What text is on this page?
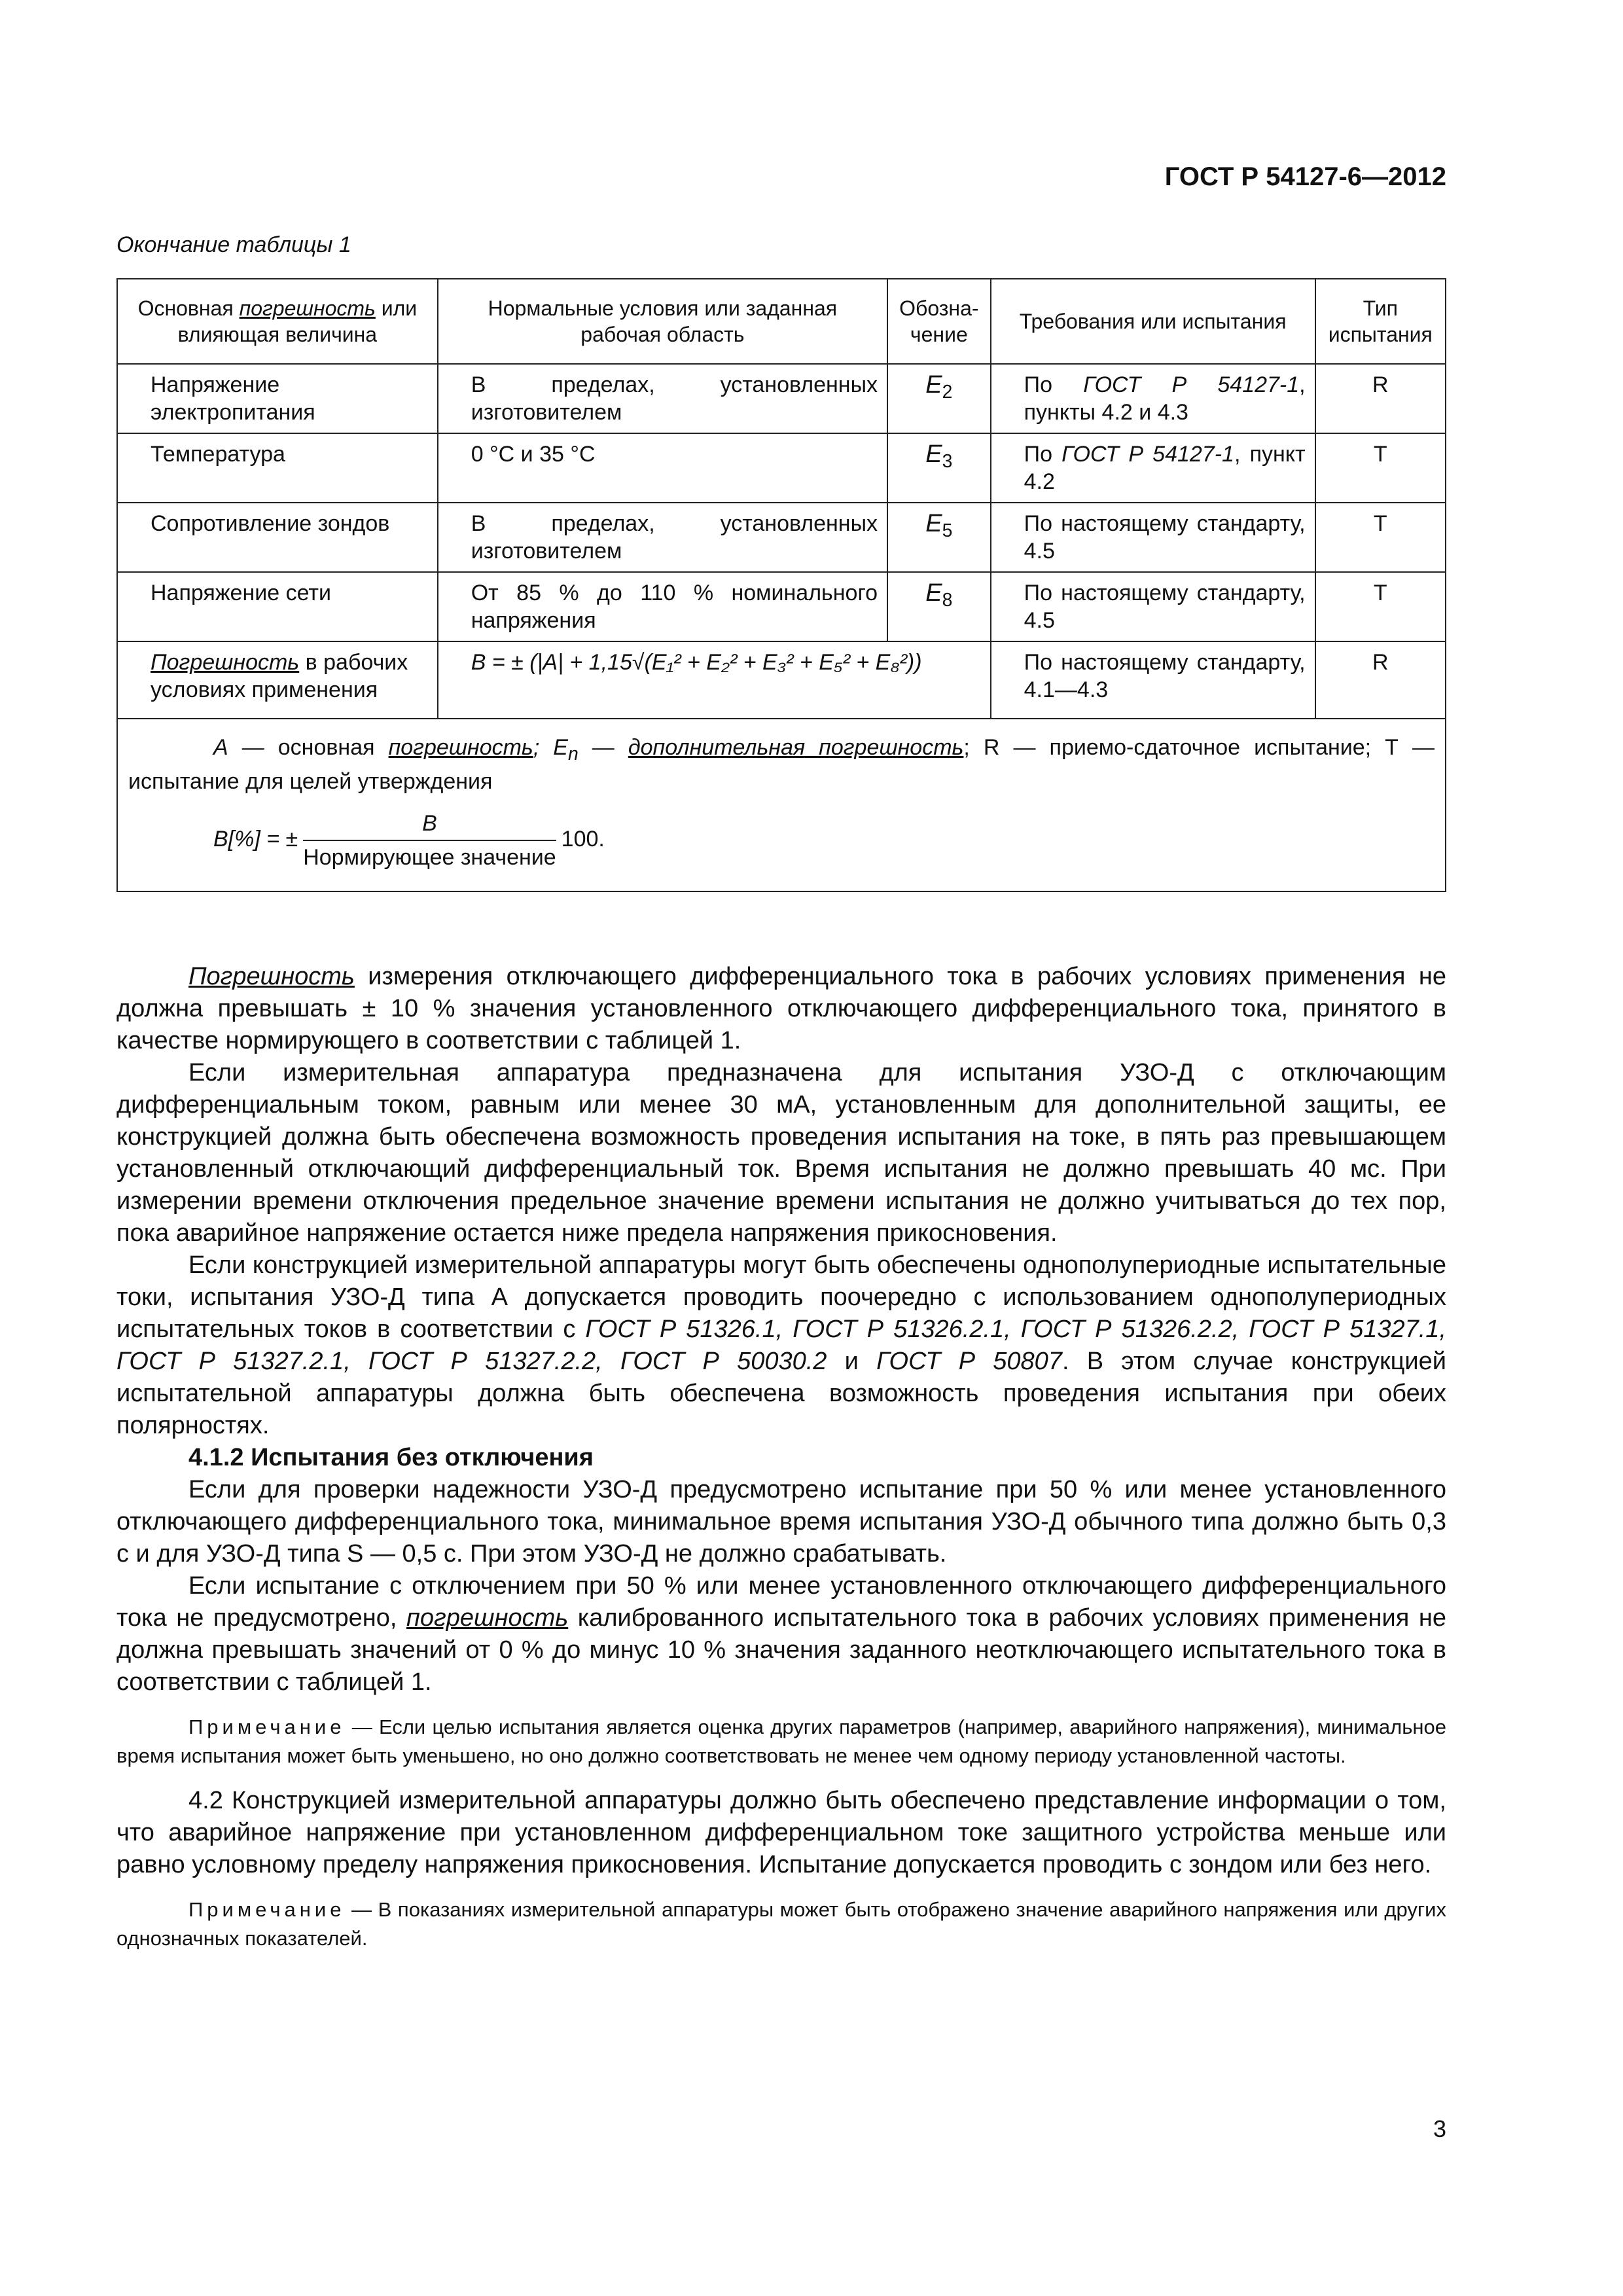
ГОСТ Р 54127-6—2012
Окончание таблицы 1
Основная погрешность или влияющая величина	Нормальные условия или заданная рабочая область	Обозна-чение	Требования или испытания	Тип испытания
Напряжение электропитания	В пределах, установленных изготовителем	$E_2$	По ГОСТ Р 54127-1, пункты 4.2 и 4.3	R
Температура	0 °C и 35 °C	$E_3$	По ГОСТ Р 54127-1, пункт 4.2	T
Сопротивление зондов	В пределах, установленных изготовителем	$E_5$	По настоящему стандарту, 4.5	T
Напряжение сети	От 85 % до 110 % номинального напряжения	$E_8$	По настоящему стандарту, 4.5	T
Погрешность в рабочих условиях применения	B = ± (|A| + 1,15√(E₁² + E₂² + E₃² + E₅² + E₈²))		По настоящему стандарту, 4.1—4.3	R

A — основная погрешность; $E_n$ — дополнительная погрешность; R — приемо-сдаточное испытание; Т — испытание для целей утверждения
B[%] = ± $\frac{B}{\text{Нормирующее значение}} 100$.				

Погрешность измерения отключающего дифференциального тока в рабочих условиях применения не должна превышать ± 10 % значения установленного отключающего дифференциального тока, принятого в качестве нормирующего в соответствии с таблицей 1.

Если измерительная аппаратура предназначена для испытания УЗО-Д с отключающим дифференциальным током, равным или менее 30 мА, установленным для дополнительной защиты, ее конструкцией должна быть обеспечена возможность проведения испытания на токе, в пять раз превышающем установленный отключающий дифференциальный ток. Время испытания не должно превышать 40 мс. При измерении времени отключения предельное значение времени испытания не должно учитываться до тех пор, пока аварийное напряжение остается ниже предела напряжения прикосновения.

Если конструкцией измерительной аппаратуры могут быть обеспечены однополупериодные испытательные токи, испытания УЗО-Д типа А допускается проводить поочередно с использованием однополупериодных испытательных токов в соответствии с ГОСТ Р 51326.1, ГОСТ Р 51326.2.1, ГОСТ Р 51326.2.2, ГОСТ Р 51327.1, ГОСТ Р 51327.2.1, ГОСТ Р 51327.2.2, ГОСТ Р 50030.2 и ГОСТ Р 50807. В этом случае конструкцией испытательной аппаратуры должна быть обеспечена возможность проведения испытания при обеих полярностях.

4.1.2 Испытания без отключения

Если для проверки надежности УЗО-Д предусмотрено испытание при 50 % или менее установленного отключающего дифференциального тока, минимальное время испытания УЗО-Д обычного типа должно быть 0,3 с и для УЗО-Д типа S — 0,5 с. При этом УЗО-Д не должно срабатывать.

Если испытание с отключением при 50 % или менее установленного отключающего дифференциального тока не предусмотрено, погрешность калиброванного испытательного тока в рабочих условиях применения не должна превышать значений от 0 % до минус 10 % значения заданного неотключающего испытательного тока в соответствии с таблицей 1.

Примечание — Если целью испытания является оценка других параметров (например, аварийного напряжения), минимальное время испытания может быть уменьшено, но оно должно соответствовать не менее чем одному периоду установленной частоты.

4.2 Конструкцией измерительной аппаратуры должно быть обеспечено представление информации о том, что аварийное напряжение при установленном дифференциальном токе защитного устройства меньше или равно условному пределу напряжения прикосновения. Испытание допускается проводить с зондом или без него.

Примечание — В показаниях измерительной аппаратуры может быть отображено значение аварийного напряжения или других однозначных показателей.

3
